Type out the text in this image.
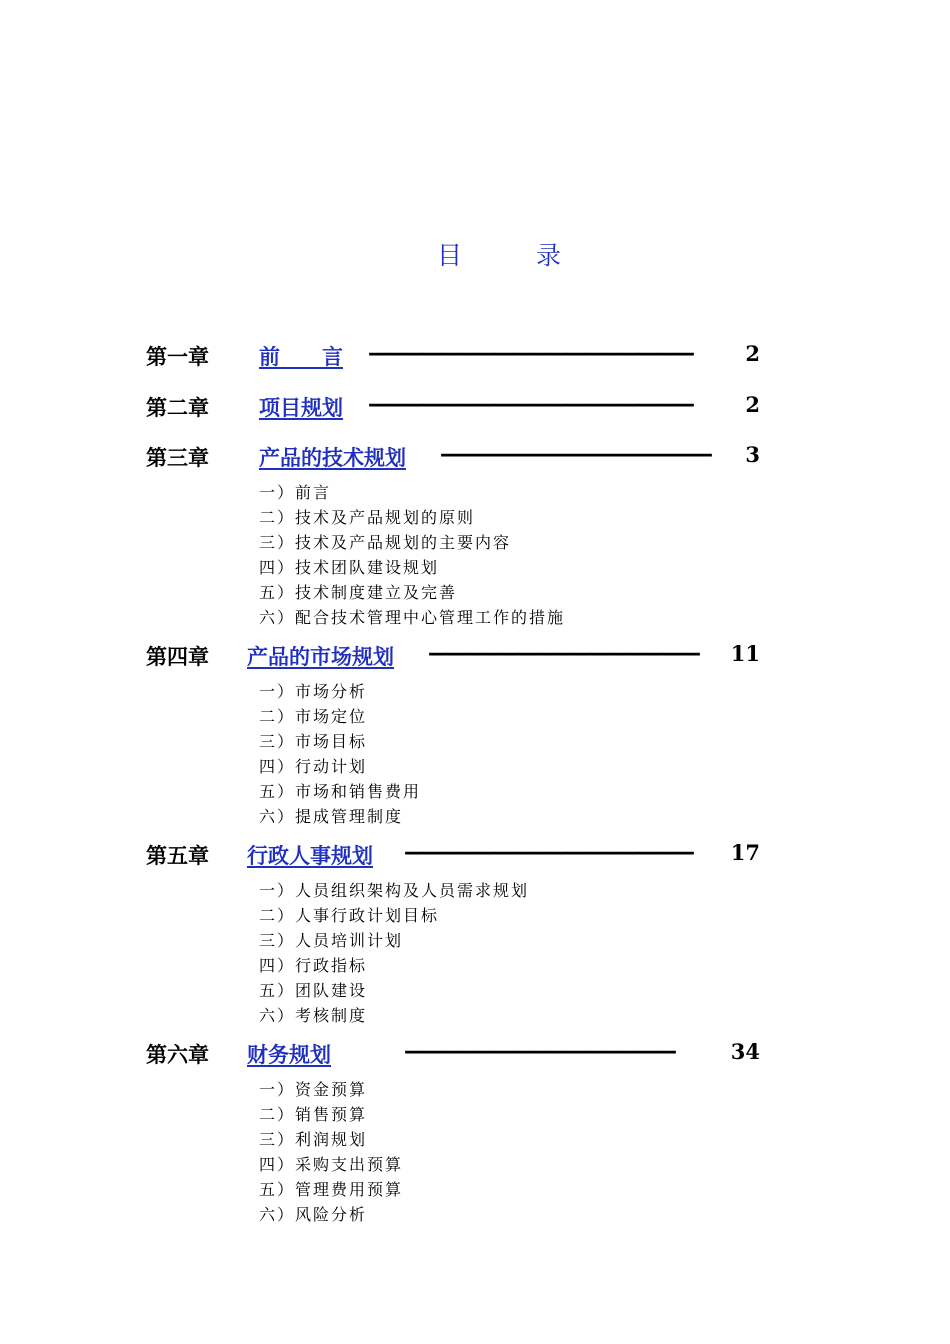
目	录
第一章 前　　言 ——————————————————	2
第二章 项目规划 ——————————————————	2
第三章 产品的技术规划 ——————————————— 3
一）前言
二）技术及产品规划的原则
三）技术及产品规划的主要内容
四）技术团队建设规划
五）技术制度建立及完善
六）配合技术管理中心管理工作的措施
第四章 产品的市场规划 ——————————————— 11
一）市场分析
二）市场定位
三）市场目标
四）行动计划
五）市场和销售费用
六）提成管理制度
第五章 行政人事规划 ———————————————— 17
一）人员组织架构及人员需求规划
二）人事行政计划目标
三）人员培训计划
四）行政指标
五）团队建设
六）考核制度
第六章 财务规划	———————————————	34
一）资金预算
二）销售预算
三）利润规划
四）采购支出预算
五）管理费用预算
六）风险分析
